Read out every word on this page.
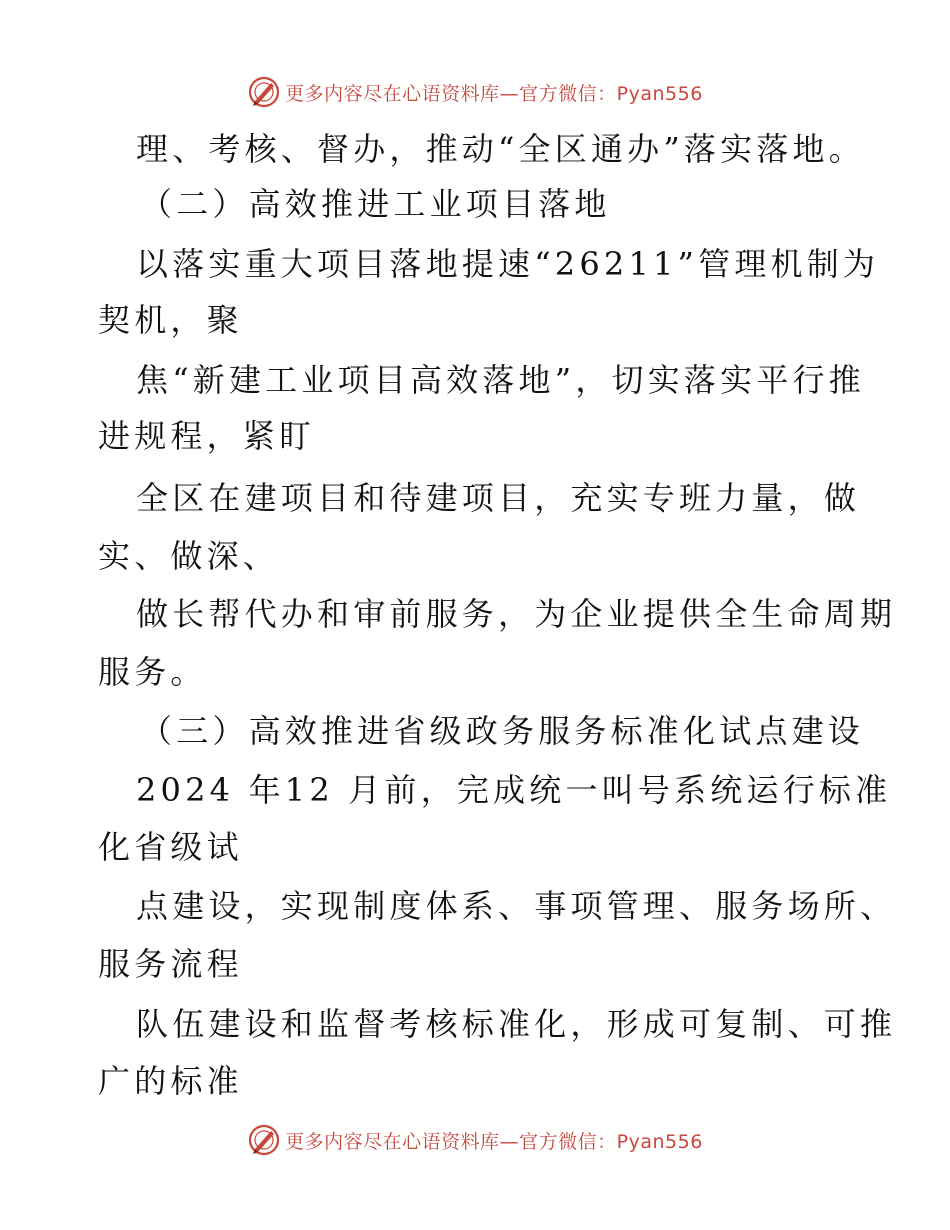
更多内容尽在心语资料库—官方微信：Pyan556
理、考核、督办，推动“全区通办”落实落地。
（二）高效推进工业项目落地
以落实重大项目落地提速“26211”管理机制为
契机，聚
焦“新建工业项目高效落地”，切实落实平行推
进规程，紧盯
全区在建项目和待建项目，充实专班力量，做
实、做深、
做长帮代办和审前服务，为企业提供全生命周期
服务。
（三）高效推进省级政务服务标准化试点建设
2024 年12 月前，完成统一叫号系统运行标准
化省级试
点建设，实现制度体系、事项管理、服务场所、
服务流程
队伍建设和监督考核标准化，形成可复制、可推
广的标准
更多内容尽在心语资料库—官方微信：Pyan556
